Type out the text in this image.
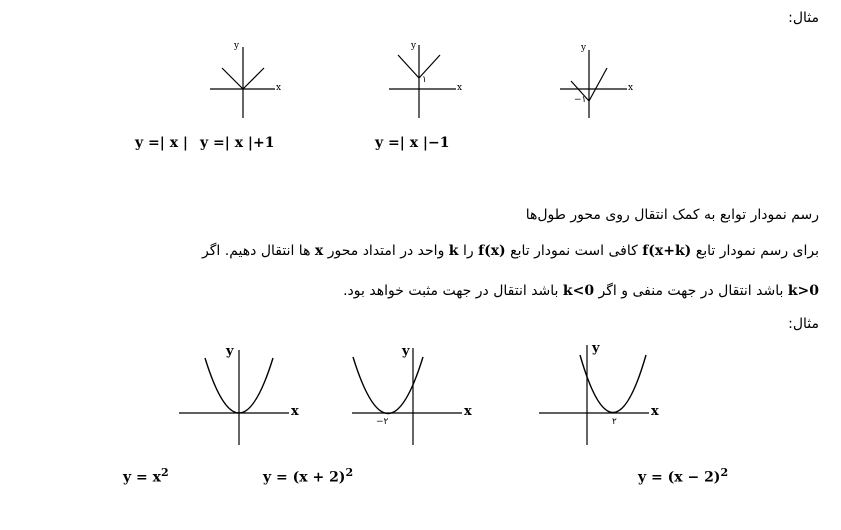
مثال:
x
y
x
y
۱
x
y
−۱
y =| x | y =| x |+1	y =| x |−1
رسم نمودار توابع به کمک انتقال روی محور طول‌ها
برای رسم نمودار تابع f(x+k) کافی است نمودار تابع f(x) را k واحد در امتداد محور x ها انتقال دهیم. اگر
k>0 باشد انتقال در جهت منفی و اگر k<0 باشد انتقال در جهت مثبت خواهد بود.
مثال:
x
y
x
y
−۲
x
y
۲
$y = x^2$	$y = (x + 2)^2$	$y = (x - 2)^2$
